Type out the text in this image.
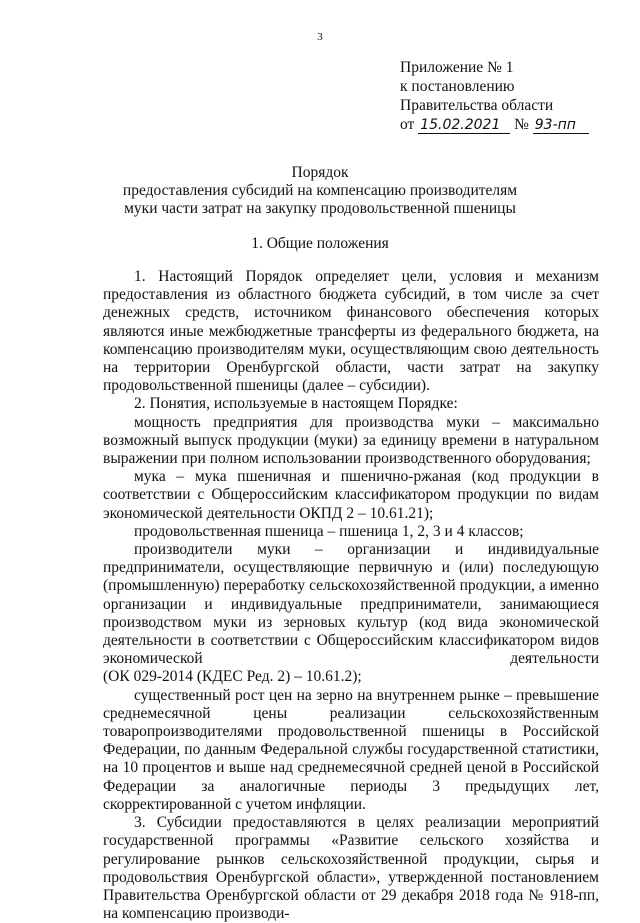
3
Приложение № 1
к постановлению
Правительства области
от 15.02.2021 № 93-пп
Порядок
предоставления субсидий на компенсацию производителям
муки части затрат на закупку продовольственной пшеницы
1. Общие положения

1. Настоящий Порядок определяет цели, условия и механизм предоставления из областного бюджета субсидий, в том числе за счет денежных средств, источником финансового обеспечения которых являются иные межбюджетные трансферты из федерального бюджета, на компенсацию производителям муки, осуществляющим свою деятельность на территории Оренбургской области, части затрат на закупку продовольственной пшеницы (далее – субсидии).

2. Понятия, используемые в настоящем Порядке:

мощность предприятия для производства муки – максимально возможный выпуск продукции (муки) за единицу времени в натуральном выражении при полном использовании производственного оборудования;

мука – мука пшеничная и пшенично-ржаная (код продукции в соответствии с Общероссийским классификатором продукции по видам экономической деятельности ОКПД 2 – 10.61.21);

продовольственная пшеница – пшеница 1, 2, 3 и 4 классов;

производители муки – организации и индивидуальные предприниматели, осуществляющие первичную и (или) последующую (промышленную) переработку сельскохозяйственной продукции, а именно организации и индивидуальные предприниматели, занимающиеся производством муки из зерновых культур (код вида экономической деятельности в соответствии с Общероссийским классификатором видов экономической деятельности

(ОК 029-2014 (КДЕС Ред. 2) – 10.61.2);

существенный рост цен на зерно на внутреннем рынке – превышение среднемесячной цены реализации сельскохозяйственным товаропроизводителями продовольственной пшеницы в Российской Федерации, по данным Федеральной службы государственной статистики, на 10 процентов и выше над среднемесячной средней ценой в Российской Федерации за аналогичные периоды 3 предыдущих лет, скорректированной с учетом инфляции.

3. Субсидии предоставляются в целях реализации мероприятий государственной программы «Развитие сельского хозяйства и регулирование рынков сельскохозяйственной продукции, сырья и продовольствия Оренбургской области», утвержденной постановлением Правительства Оренбургской области от 29 декабря 2018 года № 918-пп, на компенсацию производи-
